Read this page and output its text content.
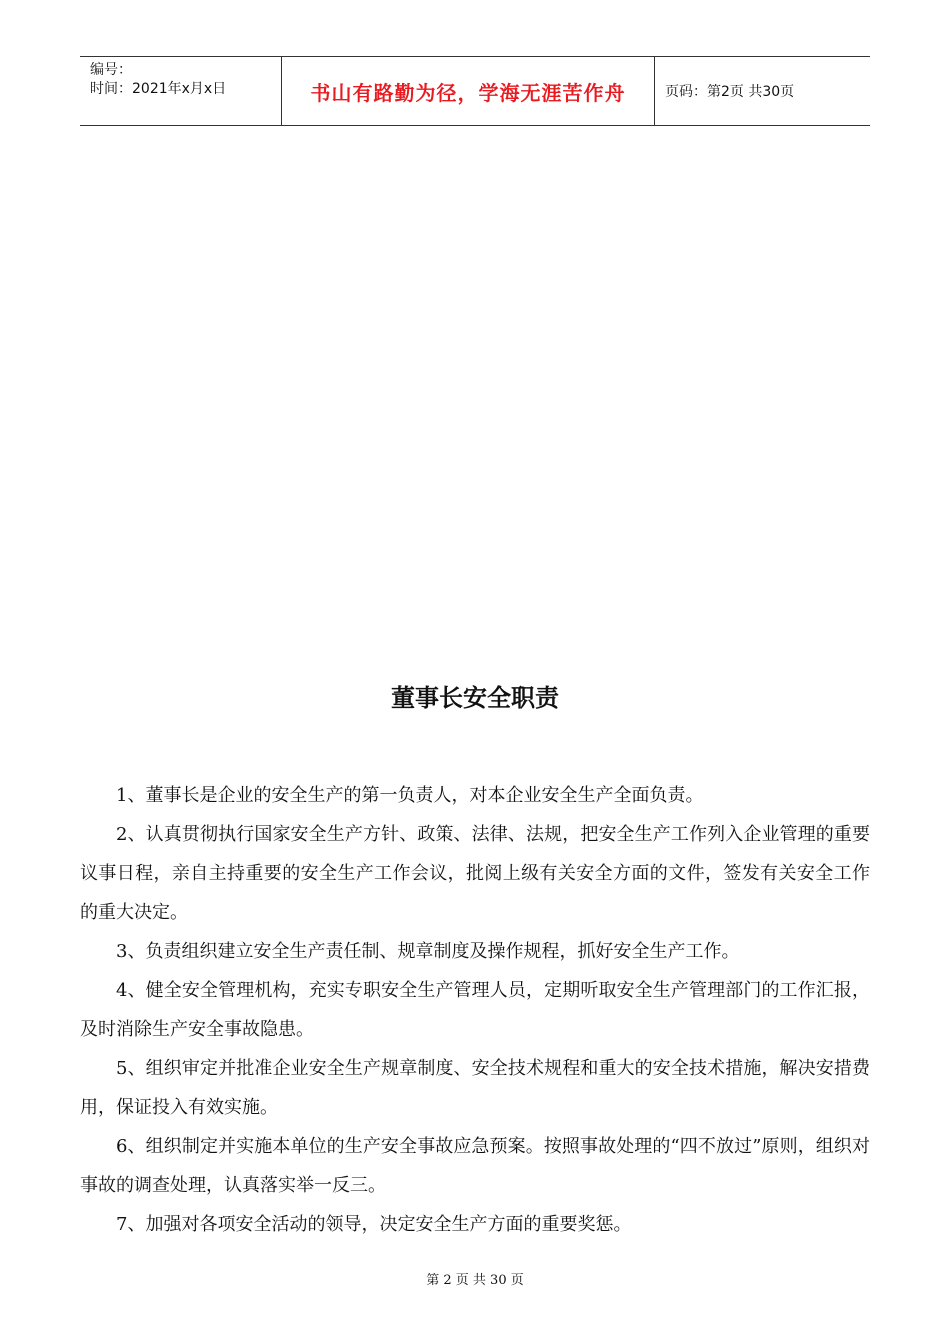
编号：
时间：2021年x月x日	书山有路勤为径，学海无涯苦作舟	页码：第2页 共30页
董事长安全职责

1、董事长是企业的安全生产的第一负责人，对本企业安全生产全面负责。

2、认真贯彻执行国家安全生产方针、政策、法律、法规，把安全生产工作列入企业管理的重要议事日程，亲自主持重要的安全生产工作会议，批阅上级有关安全方面的文件，签发有关安全工作的重大决定。

3、负责组织建立安全生产责任制、规章制度及操作规程，抓好安全生产工作。

4、健全安全管理机构，充实专职安全生产管理人员，定期听取安全生产管理部门的工作汇报，及时消除生产安全事故隐患。

5、组织审定并批准企业安全生产规章制度、安全技术规程和重大的安全技术措施，解决安措费用，保证投入有效实施。

6、组织制定并实施本单位的生产安全事故应急预案。按照事故处理的“四不放过”原则，组织对事故的调查处理，认真落实举一反三。

7、加强对各项安全活动的领导，决定安全生产方面的重要奖惩。

第 2 页 共 30 页
